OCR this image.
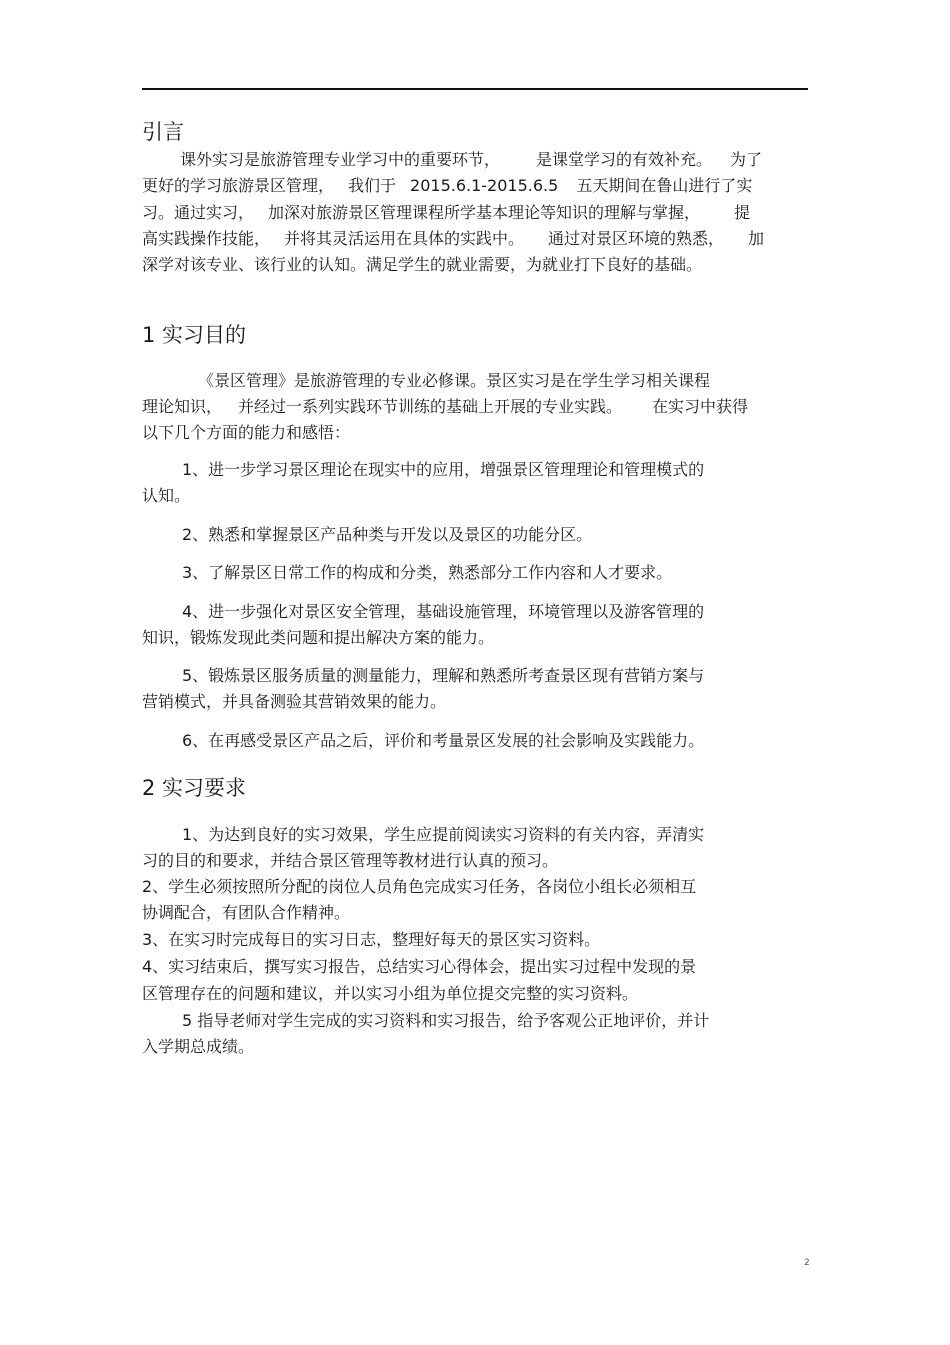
引言
课外实习是旅游管理专业学习中的重要环节， 是课堂学习的有效补充。 为了
更好的学习旅游景区管理， 我们于 2015.6.1-2015.6.5 五天期间在鲁山进行了实
习。通过实习， 加深对旅游景区管理课程所学基本理论等知识的理解与掌握， 提
高实践操作技能， 并将其灵活运用在具体的实践中。 通过对景区环境的熟悉， 加
深学对该专业、该行业的认知。满足学生的就业需要，为就业打下良好的基础。
1 实习目的
《景区管理》是旅游管理的专业必修课。景区实习是在学生学习相关课程
理论知识， 并经过一系列实践环节训练的基础上开展的专业实践。 在实习中获得
以下几个方面的能力和感悟：
1、进一步学习景区理论在现实中的应用，增强景区管理理论和管理模式的
认知。
2、熟悉和掌握景区产品种类与开发以及景区的功能分区。
3、了解景区日常工作的构成和分类，熟悉部分工作内容和人才要求。
4、进一步强化对景区安全管理，基础设施管理，环境管理以及游客管理的
知识，锻炼发现此类问题和提出解决方案的能力。
5、锻炼景区服务质量的测量能力，理解和熟悉所考查景区现有营销方案与
营销模式，并具备测验其营销效果的能力。
6、在再感受景区产品之后，评价和考量景区发展的社会影响及实践能力。
2 实习要求
1、为达到良好的实习效果，学生应提前阅读实习资料的有关内容，弄清实
习的目的和要求，并结合景区管理等教材进行认真的预习。
2、学生必须按照所分配的岗位人员角色完成实习任务，各岗位小组长必须相互
协调配合，有团队合作精神。
3、在实习时完成每日的实习日志，整理好每天的景区实习资料。
4、实习结束后，撰写实习报告，总结实习心得体会，提出实习过程中发现的景
区管理存在的问题和建议，并以实习小组为单位提交完整的实习资料。
5 指导老师对学生完成的实习资料和实习报告，给予客观公正地评价，并计
入学期总成绩。
2
